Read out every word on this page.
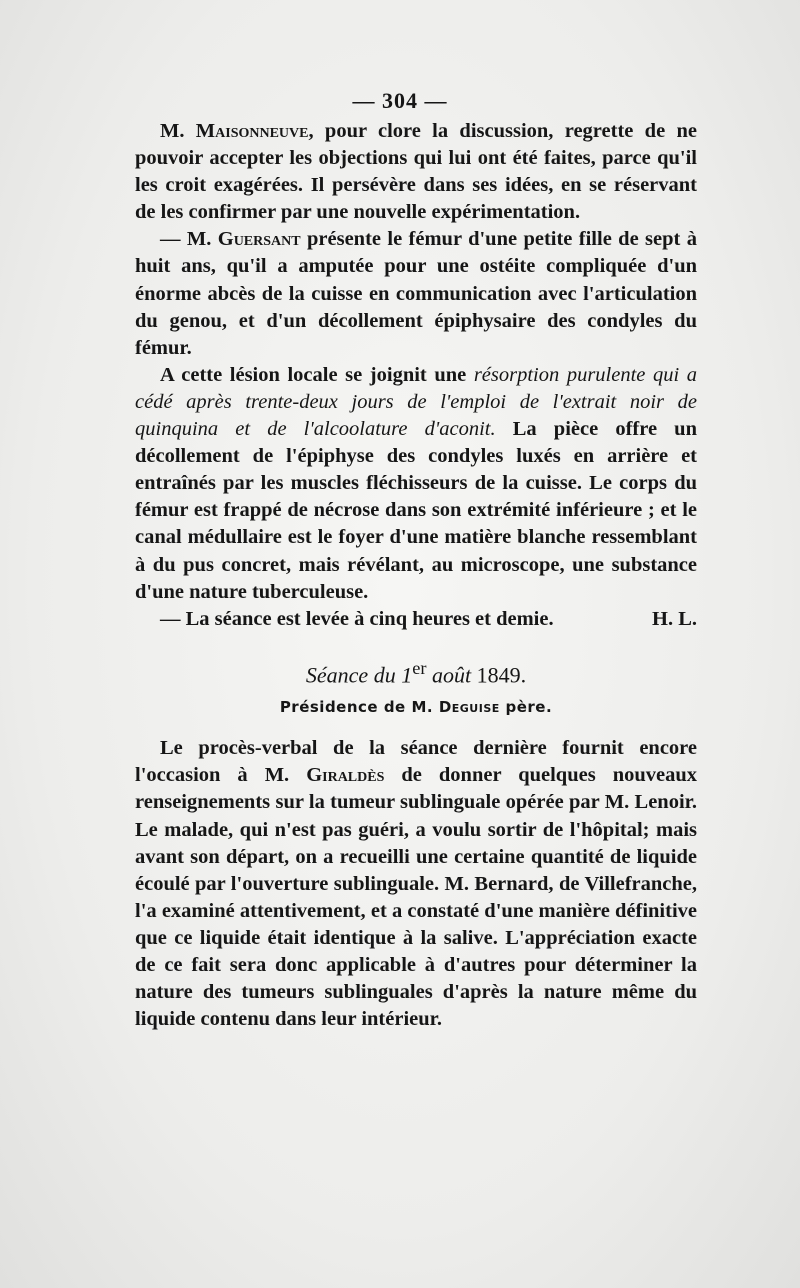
— 304 —

M. Maisonneuve, pour clore la discussion, regrette de ne pouvoir accepter les objections qui lui ont été faites, parce qu'il les croit exagérées. Il persévère dans ses idées, en se réservant de les confirmer par une nouvelle expérimentation.

— M. Guersant présente le fémur d'une petite fille de sept à huit ans, qu'il a amputée pour une ostéite compliquée d'un énorme abcès de la cuisse en communication avec l'articulation du genou, et d'un décollement épiphysaire des condyles du fémur.

A cette lésion locale se joignit une résorption purulente qui a cédé après trente-deux jours de l'emploi de l'extrait noir de quinquina et de l'alcoolature d'aconit. La pièce offre un décollement de l'épiphyse des condyles luxés en arrière et entraînés par les muscles fléchisseurs de la cuisse. Le corps du fémur est frappé de nécrose dans son extrémité inférieure ; et le canal médullaire est le foyer d'une matière blanche ressemblant à du pus concret, mais révélant, au microscope, une substance d'une nature tuberculeuse.

— La séance est levée à cinq heures et demie.	H. L.

Séance du 1er août 1849.
Présidence de M. Deguise père.

Le procès-verbal de la séance dernière fournit encore l'occasion à M. Giraldès de donner quelques nouveaux renseignements sur la tumeur sublinguale opérée par M. Lenoir. Le malade, qui n'est pas guéri, a voulu sortir de l'hôpital; mais avant son départ, on a recueilli une certaine quantité de liquide écoulé par l'ouverture sublinguale. M. Bernard, de Villefranche, l'a examiné attentivement, et a constaté d'une manière définitive que ce liquide était identique à la salive. L'appréciation exacte de ce fait sera donc applicable à d'autres pour déterminer la nature des tumeurs sublinguales d'après la nature même du liquide contenu dans leur intérieur.
